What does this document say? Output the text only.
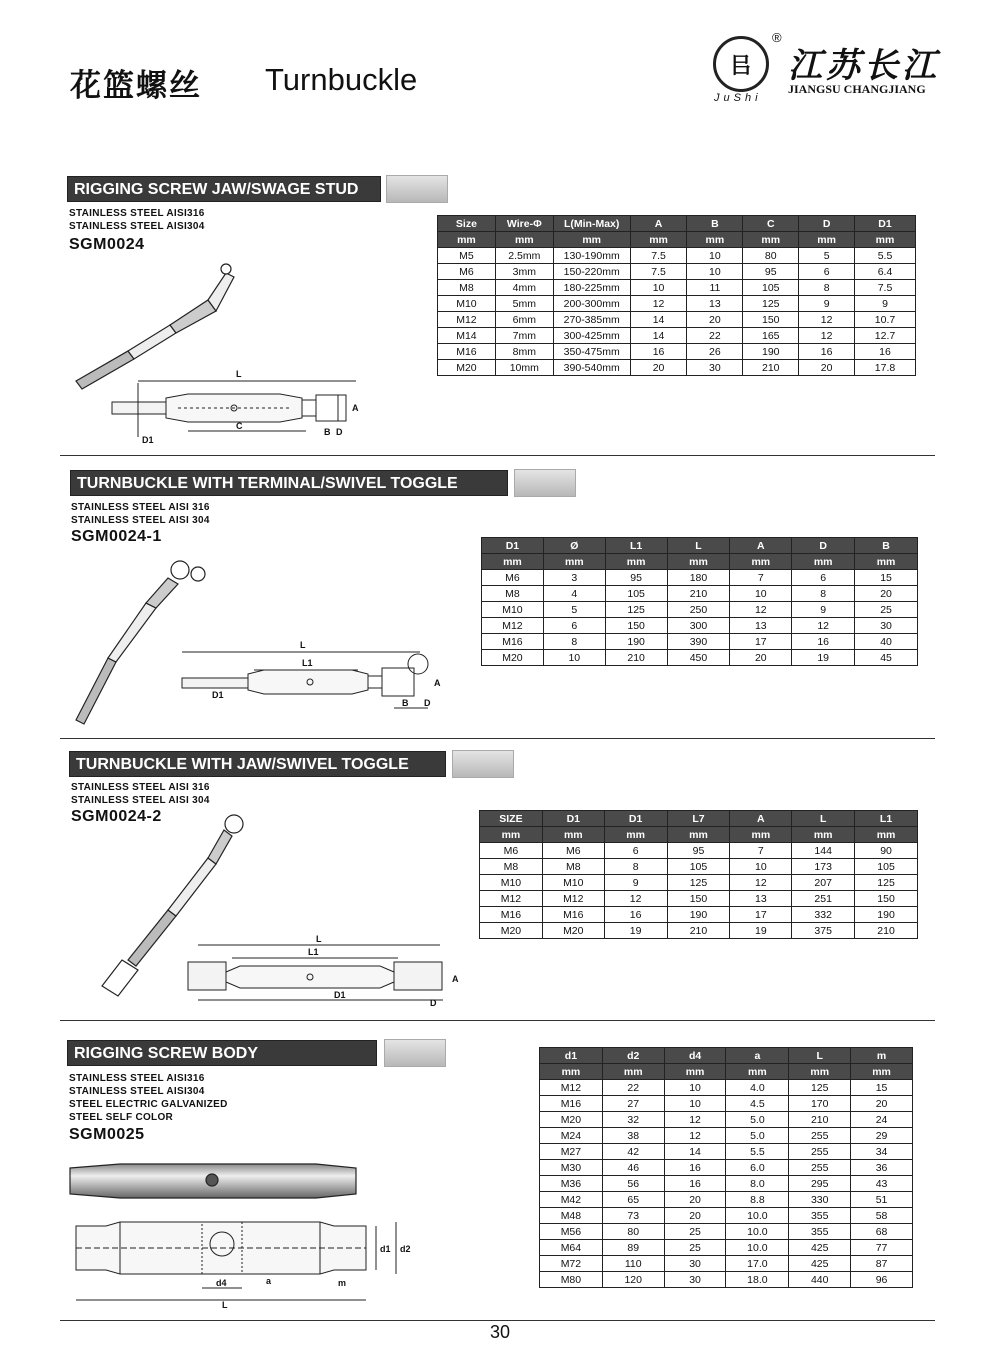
花篮螺丝 Turnbuckle	㠯
®
JuShi
江苏长江
JIANGSU CHANGJIANG
RIGGING SCREW JAW/SWAGE STUD
STAINLESS STEEL AISI316
STAINLESS STEEL AISI304
SGM0024
Size	Wire-Φ	L(Min-Max)	A	B	C	D	D1
mm	mm	mm	mm	mm	mm	mm	mm
M5	2.5mm	130-190mm	7.5	10	80	5	5.5
M6	3mm	150-220mm	7.5	10	95	6	6.4
M8	4mm	180-225mm	10	11	105	8	7.5
M10	5mm	200-300mm	12	13	125	9	9
M12	6mm	270-385mm	14	20	150	12	10.7
M14	7mm	300-425mm	14	22	165	12	12.7
M16	8mm	350-475mm	16	26	190	16	16
M20	10mm	390-540mm	20	30	210	20	17.8
L
A
C
B D
D1
TURNBUCKLE WITH TERMINAL/SWIVEL TOGGLE
STAINLESS STEEL AISI 316
STAINLESS STEEL AISI 304
SGM0024-1
D1	Ø	L1	L	A	D	B
mm	mm	mm	mm	mm	mm	mm
M6	3	95	180	7	6	15
M8	4	105	210	10	8	20
M10	5	125	250	12	9	25
M12	6	150	300	13	12	30
M16	8	190	390	17	16	40
M20	10	210	450	20	19	45
L
L1
A
D1
B D
TURNBUCKLE WITH JAW/SWIVEL TOGGLE
STAINLESS STEEL AISI 316
STAINLESS STEEL AISI 304
SGM0024-2	SIZE	D1	D1	L7	A	L	L1
mm	mm	mm	mm	mm	mm	mm
M6	M6	6	95	7	144	90
M8	M8	8	105	10	173	105
M10	M10	9	125	12	207	125
M12	M12	12	150	13	251	150
M16	M16	16	190	17	332	190
M20	M20	19	210	19	375	210
L
L1
A
D1
D
RIGGING SCREW BODY
STAINLESS STEEL AISI316
STAINLESS STEEL AISI304
STEEL ELECTRIC GALVANIZED
STEEL SELF COLOR
SGM0025
d1	d2	d4	a	L	m
mm	mm	mm	mm	mm	mm
M12	22	10	4.0	125	15
M16	27	10	4.5	170	20
M20	32	12	5.0	210	24
M24	38	12	5.0	255	29
M27	42	14	5.5	255	34
M30	46	16	6.0	255	36
M36	56	16	8.0	295	43
M42	65	20	8.8	330	51
M48	73	20	10.0	355	58
M56	80	25	10.0	355	68
M64	89	25	10.0	425	77
M72	110	30	17.0	425	87
M80	120	30	18.0	440	96
L
d1 d2
d4	m
a
30
